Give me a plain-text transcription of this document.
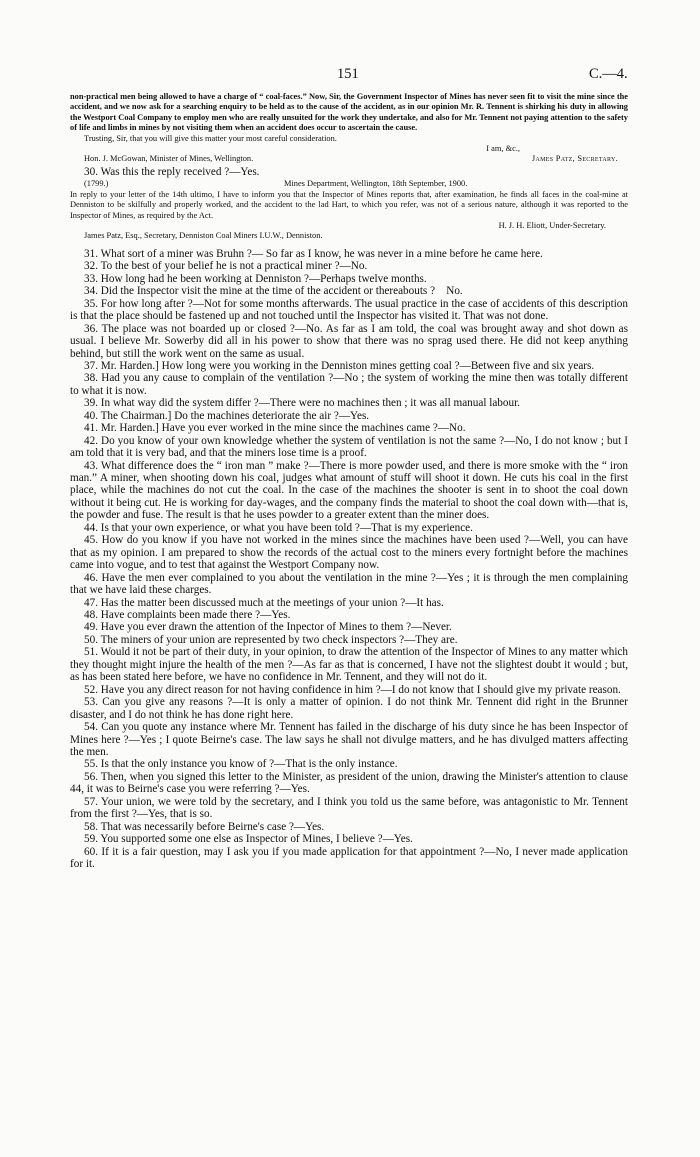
151	C.—4.
non-practical men being allowed to have a charge of “ coal-faces.” Now, Sir, the Government Inspector of Mines has never seen fit to visit the mine since the accident, and we now ask for a searching enquiry to be held as to the cause of the accident, as in our opinion Mr. R. Tennent is shirking his duty in allowing the Westport Coal Company to employ men who are really unsuited for the work they undertake, and also for Mr. Tennent not paying attention to the safety of life and limbs in mines by not visiting them when an accident does occur to ascertain the cause.
Trusting, Sir, that you will give this matter your most careful consideration.
I am, &c.,
Hon. J. McGowan, Minister of Mines, Wellington.	James Patz, Secretary.
30. Was this the reply received ?—Yes.
(1799.)	Mines Department, Wellington, 18th September, 1900.
In reply to your letter of the 14th ultimo, I have to inform you that the Inspector of Mines reports that, after examination, he finds all faces in the coal-mine at Denniston to be skilfully and properly worked, and the accident to the lad Hart, to which you refer, was not of a serious nature, although it was reported to the Inspector of Mines, as required by the Act.
H. J. H. Eliott, Under-Secretary.
James Patz, Esq., Secretary, Denniston Coal Miners I.U.W., Denniston.

31. What sort of a miner was Bruhn ?— So far as I know, he was never in a mine before he came here.

32. To the best of your belief he is not a practical miner ?—No.

33. How long had he been working at Denniston ?—Perhaps twelve months.

34. Did the Inspector visit the mine at the time of the accident or thereabouts ? No.

35. For how long after ?—Not for some months afterwards. The usual practice in the case of accidents of this description is that the place should be fastened up and not touched until the Inspector has visited it. That was not done.

36. The place was not boarded up or closed ?—No. As far as I am told, the coal was brought away and shot down as usual. I believe Mr. Sowerby did all in his power to show that there was no sprag used there. He did not keep anything behind, but still the work went on the same as usual.

37. Mr. Harden.] How long were you working in the Denniston mines getting coal ?—Between five and six years.

38. Had you any cause to complain of the ventilation ?—No ; the system of working the mine then was totally different to what it is now.

39. In what way did the system differ ?—There were no machines then ; it was all manual labour.

40. The Chairman.] Do the machines deteriorate the air ?—Yes.

41. Mr. Harden.] Have you ever worked in the mine since the machines came ?—No.

42. Do you know of your own knowledge whether the system of ventilation is not the same ?—No, I do not know ; but I am told that it is very bad, and that the miners lose time is a proof.

43. What difference does the “ iron man ” make ?—There is more powder used, and there is more smoke with the “ iron man.” A miner, when shooting down his coal, judges what amount of stuff will shoot it down. He cuts his coal in the first place, while the machines do not cut the coal. In the case of the machines the shooter is sent in to shoot the coal down without it being cut. He is working for day-wages, and the company finds the material to shoot the coal down with—that is, the powder and fuse. The result is that he uses powder to a greater extent than the miner does.

44. Is that your own experience, or what you have been told ?—That is my experience.

45. How do you know if you have not worked in the mines since the machines have been used ?—Well, you can have that as my opinion. I am prepared to show the records of the actual cost to the miners every fortnight before the machines came into vogue, and to test that against the Westport Company now.

46. Have the men ever complained to you about the ventilation in the mine ?—Yes ; it is through the men complaining that we have laid these charges.

47. Has the matter been discussed much at the meetings of your union ?—It has.

48. Have complaints been made there ?—Yes.

49. Have you ever drawn the attention of the Inpector of Mines to them ?—Never.

50. The miners of your union are represented by two check inspectors ?—They are.

51. Would it not be part of their duty, in your opinion, to draw the attention of the Inspector of Mines to any matter which they thought might injure the health of the men ?—As far as that is concerned, I have not the slightest doubt it would ; but, as has been stated here before, we have no confidence in Mr. Tennent, and they will not do it.

52. Have you any direct reason for not having confidence in him ?—I do not know that I should give my private reason.

53. Can you give any reasons ?—It is only a matter of opinion. I do not think Mr. Tennent did right in the Brunner disaster, and I do not think he has done right here.

54. Can you quote any instance where Mr. Tennent has failed in the discharge of his duty since he has been Inspector of Mines here ?—Yes ; I quote Beirne's case. The law says he shall not divulge matters, and he has divulged matters affecting the men.

55. Is that the only instance you know of ?—That is the only instance.

56. Then, when you signed this letter to the Minister, as president of the union, drawing the Minister's attention to clause 44, it was to Beirne's case you were referring ?—Yes.

57. Your union, we were told by the secretary, and I think you told us the same before, was antagonistic to Mr. Tennent from the first ?—Yes, that is so.

58. That was necessarily before Beirne's case ?—Yes.

59. You supported some one else as Inspector of Mines, I believe ?—Yes.

60. If it is a fair question, may I ask you if you made application for that appointment ?—No, I never made application for it.
